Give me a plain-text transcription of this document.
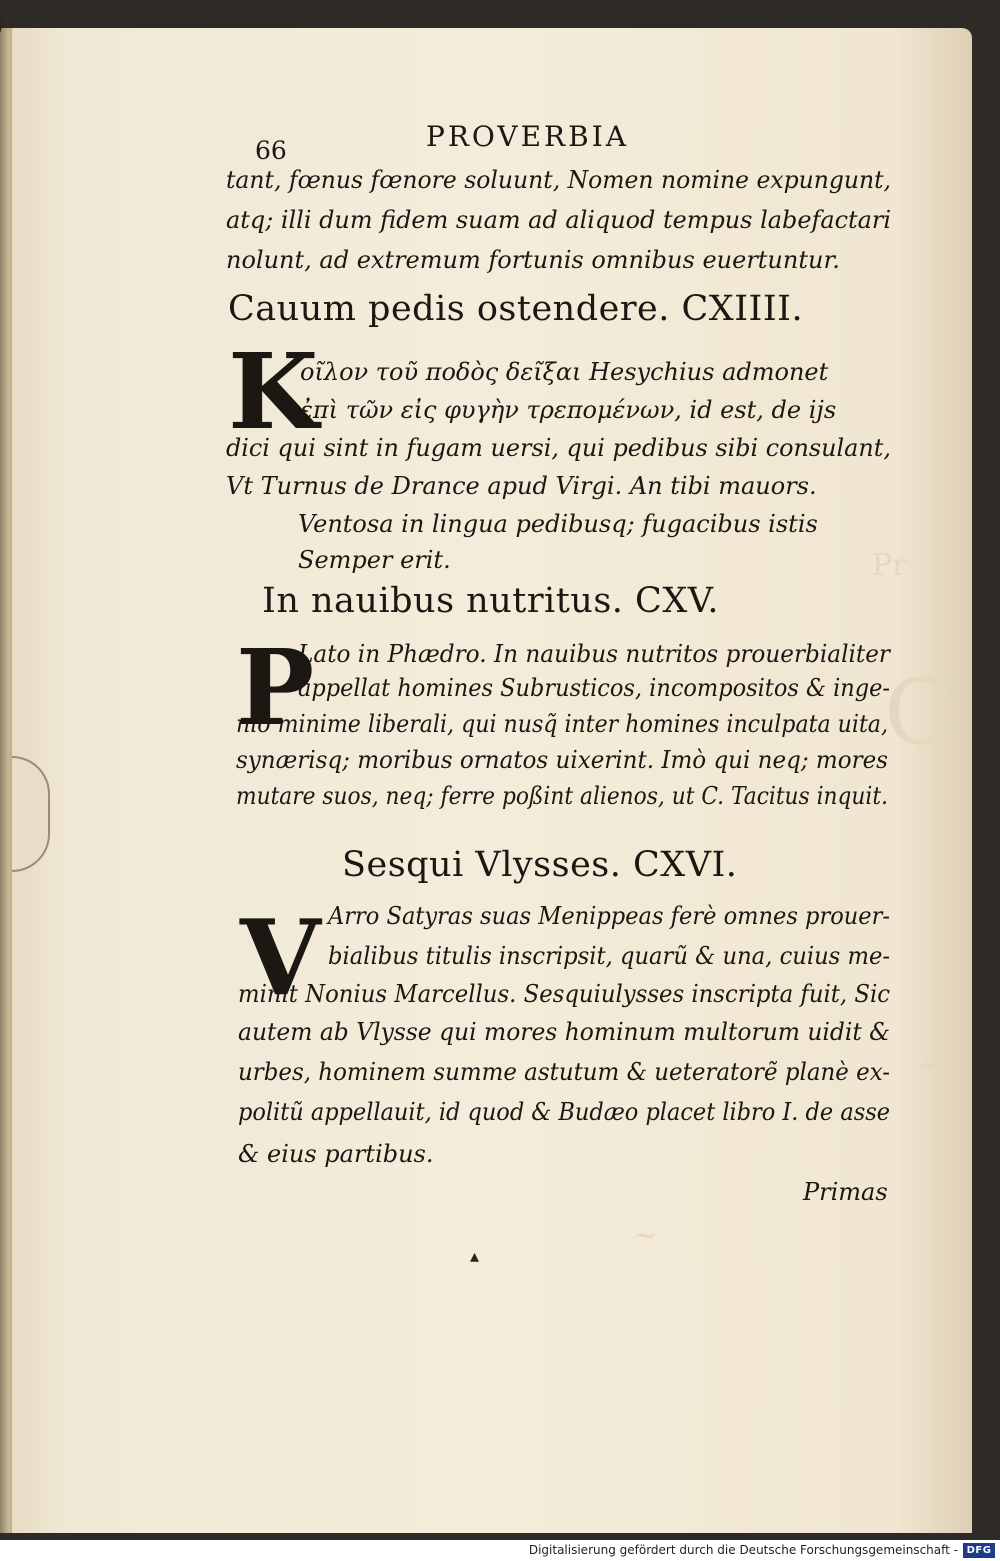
Pr
C
~
~
66	PROVERBIA
tant, fœnus fœnore soluunt, Nomen nomine expungunt,
atq; illi dum fidem suam ad aliquod tempus labefactari
nolunt, ad extremum fortunis omnibus euertuntur.
Cauum pedis ostendere. CXIIII.
K
οῖλον τοῦ ποδὸς δεῖξαι Hesychius admonet
ἐπὶ τῶν εἰς φυγὴν τρεπομένων, id est, de ijs
dici qui sint in fugam uersi, qui pedibus sibi consulant,
Vt Turnus de Drance apud Virgi. An tibi mauors.
Ventosa in lingua pedibusq; fugacibus istis
Semper erit.
In nauibus nutritus. CXV.
P
Lato in Phædro. In nauibus nutritos prouerbialiter
appellat homines Subrusticos, incompositos & inge-
nio minime liberali, qui nusq̃ inter homines inculpata uita,
synærisq; moribus ornatos uixerint. Imò qui neq; mores
mutare suos, neq; ferre poßint alienos, ut C. Tacitus inquit.
Sesqui Vlysses. CXVI.
V Arro Satyras suas Menippeas ferè omnes prouer-
bialibus titulis inscripsit, quarũ & una, cuius me-
minit Nonius Marcellus. Sesquiulysses inscripta fuit, Sic
autem ab Vlysse qui mores hominum multorum uidit &
urbes, hominem summe astutum & ueteratorẽ planè ex-
politũ appellauit, id quod & Budæo placet libro I. de asse
& eius partibus.
Primas
▴
Digitalisierung gefördert durch die Deutsche Forschungsgemeinschaft - DFG
